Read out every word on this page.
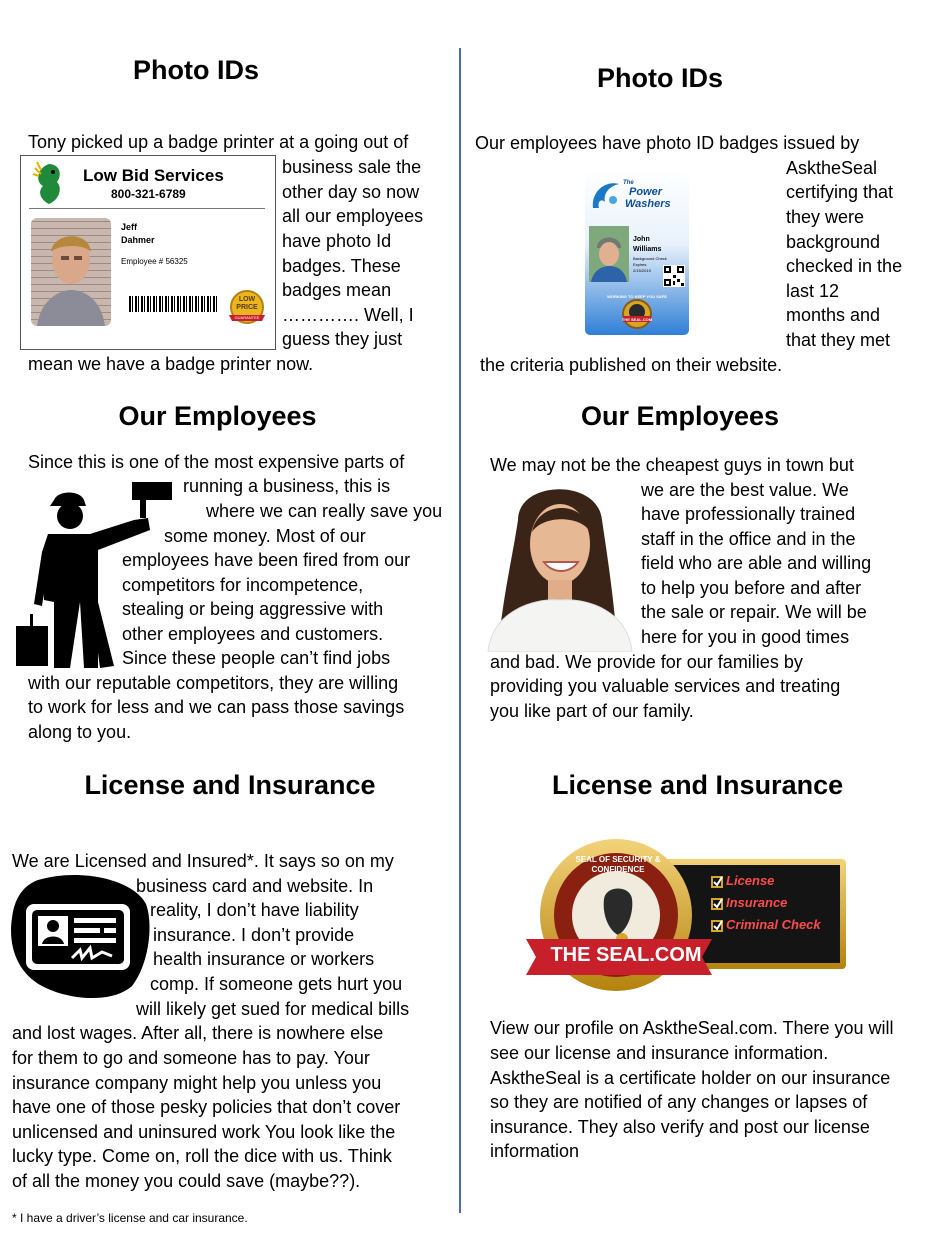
Photo IDs
Tony picked up a badge printer at a going out of
business sale the
other day so now
all our employees
have photo Id
badges. These
badges mean
…………. Well, I
guess they just
mean we have a badge printer now.
Low Bid Services
800-321-6789
Jeff
Dahmer
Employee # 56325
LOW
PRICE
GUARANTEE
Our Employees
Since this is one of the most expensive parts of
running a business, this is
where we can really save you
some money. Most of our
employees have been fired from our
competitors for incompetence,
stealing or being aggressive with
other employees and customers.
Since these people can’t find jobs
with our reputable competitors, they are willing
to work for less and we can pass those savings
along to you.
License and Insurance
We are Licensed and Insured*. It says so on my
business card and website. In
reality, I don’t have liability
insurance. I don’t provide
health insurance or workers
comp. If someone gets hurt you
will likely get sued for medical bills
and lost wages. After all, there is nowhere else
for them to go and someone has to pay. Your
insurance company might help you unless you
have one of those pesky policies that don’t cover
unlicensed and uninsured work You look like the
lucky type. Come on, roll the dice with us. Think
of all the money you could save (maybe??).
* I have a driver’s license and car insurance.
Photo IDs
Our employees have photo ID badges issued by
AsktheSeal
certifying that
they were
background
checked in the
last 12
months and
that they met
the criteria published on their website.
The
Power
Washers
John
Williams
Background Check
Expires
2/15/2019
WORKING TO KEEP YOU SAFE
THE SEAL.COM
Our Employees
We may not be the cheapest guys in town but
we are the best value. We
have professionally trained
staff in the office and in the
field who are able and willing
to help you before and after
the sale or repair. We will be
here for you in good times
and bad. We provide for our families by
providing you valuable services and treating
you like part of our family.
License and Insurance
SEAL OF SECURITY & CONFIDENCE
THE SEAL.COM
License
Insurance
Criminal Check
View our profile on AsktheSeal.com. There you will
see our license and insurance information.
AsktheSeal is a certificate holder on our insurance
so they are notified of any changes or lapses of
insurance. They also verify and post our license
information
